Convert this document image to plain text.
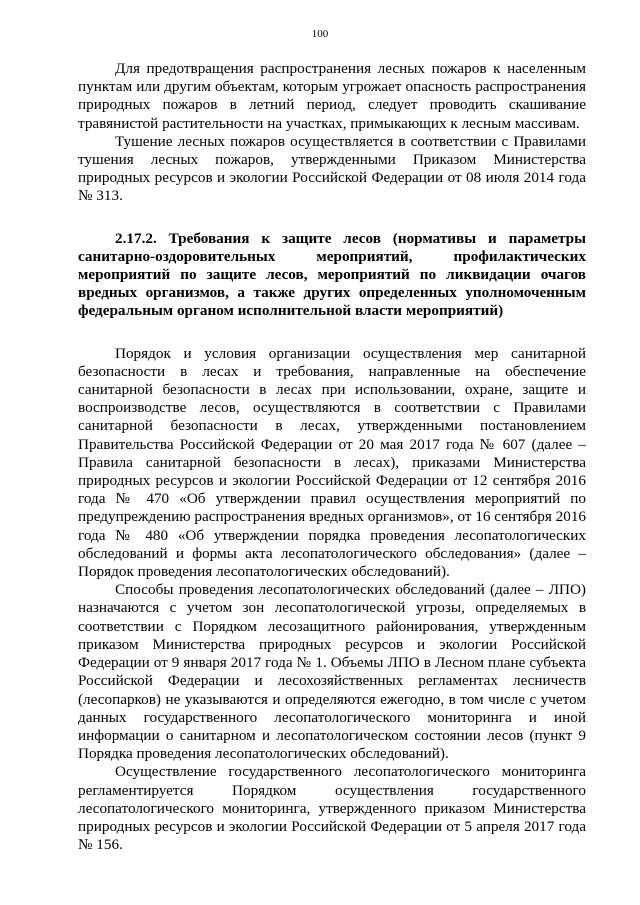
100

Для предотвращения распространения лесных пожаров к населенным пунктам или другим объектам, которым угрожает опасность распространения природных пожаров в летний период, следует проводить скашивание травянистой растительности на участках, примыкающих к лесным массивам.

Тушение лесных пожаров осуществляется в соответствии с Правилами тушения лесных пожаров, утвержденными Приказом Министерства природных ресурсов и экологии Российской Федерации от 08 июля 2014 года № 313.

2.17.2. Требования к защите лесов (нормативы и параметры санитарно-оздоровительных мероприятий, профилактических мероприятий по защите лесов, мероприятий по ликвидации очагов вредных организмов, а также других определенных уполномоченным федеральным органом исполнительной власти мероприятий)

Порядок и условия организации осуществления мер санитарной безопасности в лесах и требования, направленные на обеспечение санитарной безопасности в лесах при использовании, охране, защите и воспроизводстве лесов, осуществляются в соответствии с Правилами санитарной безопасности в лесах, утвержденными постановлением Правительства Российской Федерации от 20 мая 2017 года № 607 (далее – Правила санитарной безопасности в лесах), приказами Министерства природных ресурсов и экологии Российской Федерации от 12 сентября 2016 года № 470 «Об утверждении правил осуществления мероприятий по предупреждению распространения вредных организмов», от 16 сентября 2016 года № 480 «Об утверждении порядка проведения лесопатологических обследований и формы акта лесопатологического обследования» (далее – Порядок проведения лесопатологических обследований).

Способы проведения лесопатологических обследований (далее – ЛПО) назначаются с учетом зон лесопатологической угрозы, определяемых в соответствии с Порядком лесозащитного районирования, утвержденным приказом Министерства природных ресурсов и экологии Российской Федерации от 9 января 2017 года № 1. Объемы ЛПО в Лесном плане субъекта Российской Федерации и лесохозяйственных регламентах лесничеств (лесопарков) не указываются и определяются ежегодно, в том числе с учетом данных государственного лесопатологического мониторинга и иной информации о санитарном и лесопатологическом состоянии лесов (пункт 9 Порядка проведения лесопатологических обследований).

Осуществление государственного лесопатологического мониторинга регламентируется Порядком осуществления государственного лесопатологического мониторинга, утвержденного приказом Министерства природных ресурсов и экологии Российской Федерации от 5 апреля 2017 года № 156.
